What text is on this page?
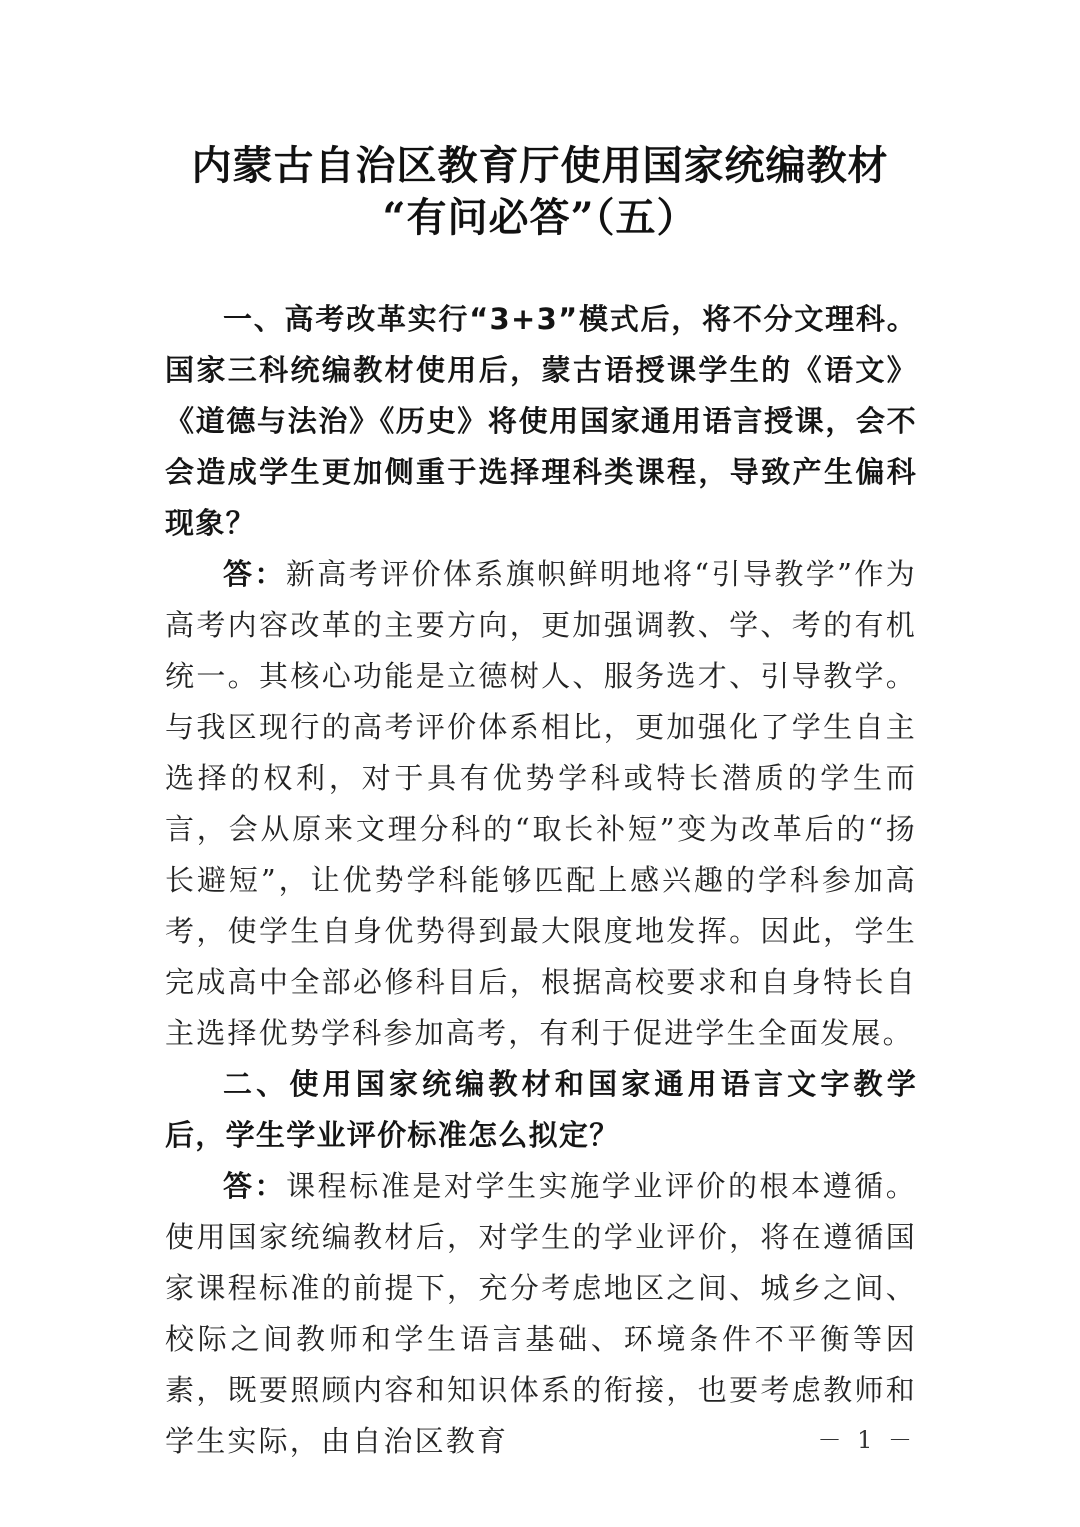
内蒙古自治区教育厅使用国家统编教材
“有问必答”（五）

一、高考改革实行“3+3”模式后，将不分文理科。国家三科统编教材使用后，蒙古语授课学生的《语文》《道德与法治》《历史》将使用国家通用语言授课，会不会造成学生更加侧重于选择理科类课程，导致产生偏科现象？

答：新高考评价体系旗帜鲜明地将“引导教学”作为高考内容改革的主要方向，更加强调教、学、考的有机统一。其核心功能是立德树人、服务选才、引导教学。与我区现行的高考评价体系相比，更加强化了学生自主选择的权利，对于具有优势学科或特长潜质的学生而言，会从原来文理分科的“取长补短”变为改革后的“扬长避短”，让优势学科能够匹配上感兴趣的学科参加高考，使学生自身优势得到最大限度地发挥。因此，学生完成高中全部必修科目后，根据高校要求和自身特长自主选择优势学科参加高考，有利于促进学生全面发展。

二、使用国家统编教材和国家通用语言文字教学后，学生学业评价标准怎么拟定？

答：课程标准是对学生实施学业评价的根本遵循。使用国家统编教材后，对学生的学业评价，将在遵循国家课程标准的前提下，充分考虑地区之间、城乡之间、校际之间教师和学生语言基础、环境条件不平衡等因素，既要照顾内容和知识体系的衔接，也要考虑教师和学生实际，由自治区教育	－ 1 －
